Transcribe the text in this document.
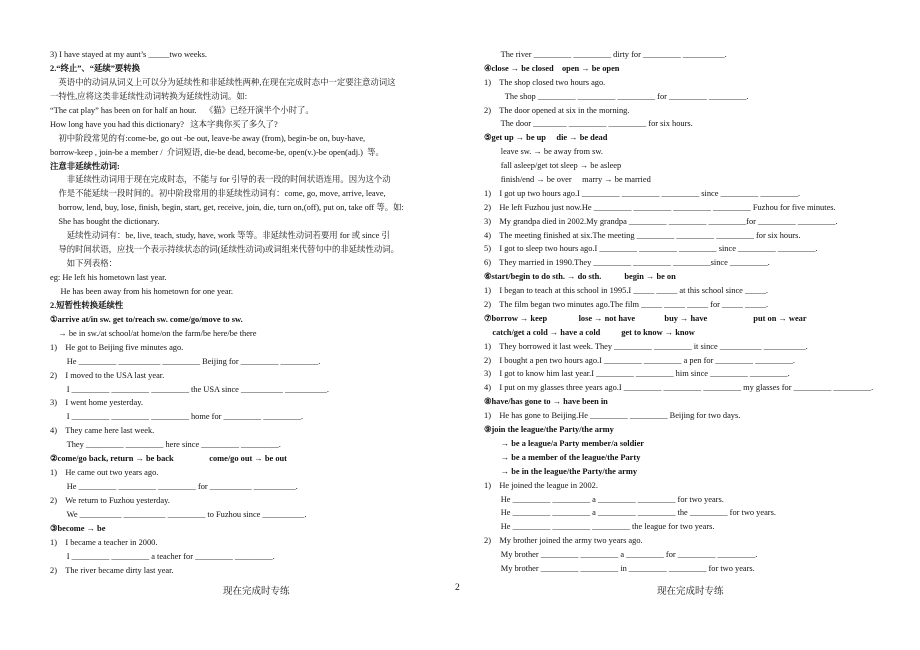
3) I have stayed at my aunt’s _____two weeks.
2.“终止”、“延续”要转换
英语中的动词从词义上可以分为延续性和非延续性两种,在现在完成时态中一定要注意动词这
一特性,应将这类非延续性动词转换为延续性动词。如:
“The cat play” has been on for half an hour.    《猫》已经开演半个小时了。
How long have you had this dictionary?   这本字典你买了多久了?
初中阶段常见的有:come-be, go out -be out, leave-be away (from), begin-be on, buy-have,
borrow-keep , join-be a member /  介词短语, die-be dead, become-be, open(v.)-be open(adj.)  等。
注意非延续性动词:
非延续性动词用于现在完成时态，不能与 for 引导的表一段的时间状语连用。因为这个动
作是不能延续一段时间的。初中阶段常用的非延续性动词有：come, go, move, arrive, leave,
borrow, lend, buy, lose, finish, begin, start, get, receive, join, die, turn on,(off), put on, take off 等。如:
She has bought the dictionary.
延续性动词有：be, live, teach, study, have, work 等等。非延续性动词若要用 for 或 since 引
导的时间状语，应找一个表示持续状态的词(延续性动词)或词组来代替句中的非延续性动词。
如下列表格：
eg: He left his hometown last year.
He has been away from his hometown for one year.
2.短暂性转换延续性
①arrive at/in sw. get to/reach sw. come/go/move to sw.
→ be in sw./at school/at home/on the farm/be here/be there
1)    He got to Beijing five minutes ago.
He _________ __________ _________ Beijing for _________ _________.
2)    I moved to the USA last year.
I _________ _________ _________ the USA since __________ __________.
3)    I went home yesterday.
I _________ _________ _________ home for _________ _________.
4)    They came here last week.
They _________ _________ here since _________ _________.
②come/go back, return → be back                 come/go out → be out
1)    He came out two years ago.
He _________ _________ _________ for __________ __________.
2)    We return to Fuzhou yesterday.
We __________ __________ _________ to Fuzhou since __________.
③become → be
1)    I became a teacher in 2000.
I _________ _________ a teacher for _________ _________.
2)    The river became dirty last year.
The river _________ _________ dirty for _________ __________.
④close → be closed    open → be open
1)    The shop closed two hours ago.
The shop _________ _________ _________ for _________ _________.
2)    The door opened at six in the morning.
The door ________ _________ _________ for six hours.
⑤get up → be up     die → be dead
leave sw. → be away from sw.
fall asleep/get tot sleep → be asleep
finish/end → be over     marry → be married
1)    I got up two hours ago.I _________ _________ _________ since _________ _________.
2)    He left Fuzhou just now.He _________ _________ _________ _________ Fuzhou for five minutes.
3)    My grandpa died in 2002.My grandpa _________ _________ _________for _________ _________.
4)    The meeting finished at six.The meeting _________ _________ _________ for six hours.
5)    I got to sleep two hours ago.I _________ _________ _________ since _________ _________.
6)    They married in 1990.They _________ _________ _________since _________.
⑥start/begin to do sth. → do sth.           begin → be on
1)    I began to teach at this school in 1995.I _____ _____ at this school since _____.
2)    The film began two minutes ago.The film _____ _____ _____ for _____ _____.
⑦borrow → keep               lose → not have              buy → have                      put on → wear
catch/get a cold → have a cold          get to know → know
1)    They borrowed it last week. They _________ _________ it since __________ __________.
2)    I bought a pen two hours ago.I _________ _________ a pen for _________ _________.
3)    I got to know him last year.I _________ _________ him since _________ _________.
4)    I put on my glasses three years ago.I _________ _________ _________ my glasses for _________ _________.
⑧have/has gone to → have been in
1)    He has gone to Beijing.He _________ _________ Beijing for two days.
⑨join the league/the Party/the army
→ be a league/a Party member/a soldier
→ be a member of the league/the Party
→ be in the league/the Party/the army
1)    He joined the league in 2002.
He _________ _________ a _________ _________ for two years.
He _________ _________ a _________ _________ the _________ for two years.
He _________ _________ _________ the league for two years.
2)    My brother joined the army two years ago.
My brother _________ _________ a _________ for _________ _________.
My brother _________ _________ in _________ _________ for two years.
现在完成时专练	2	现在完成时专练
